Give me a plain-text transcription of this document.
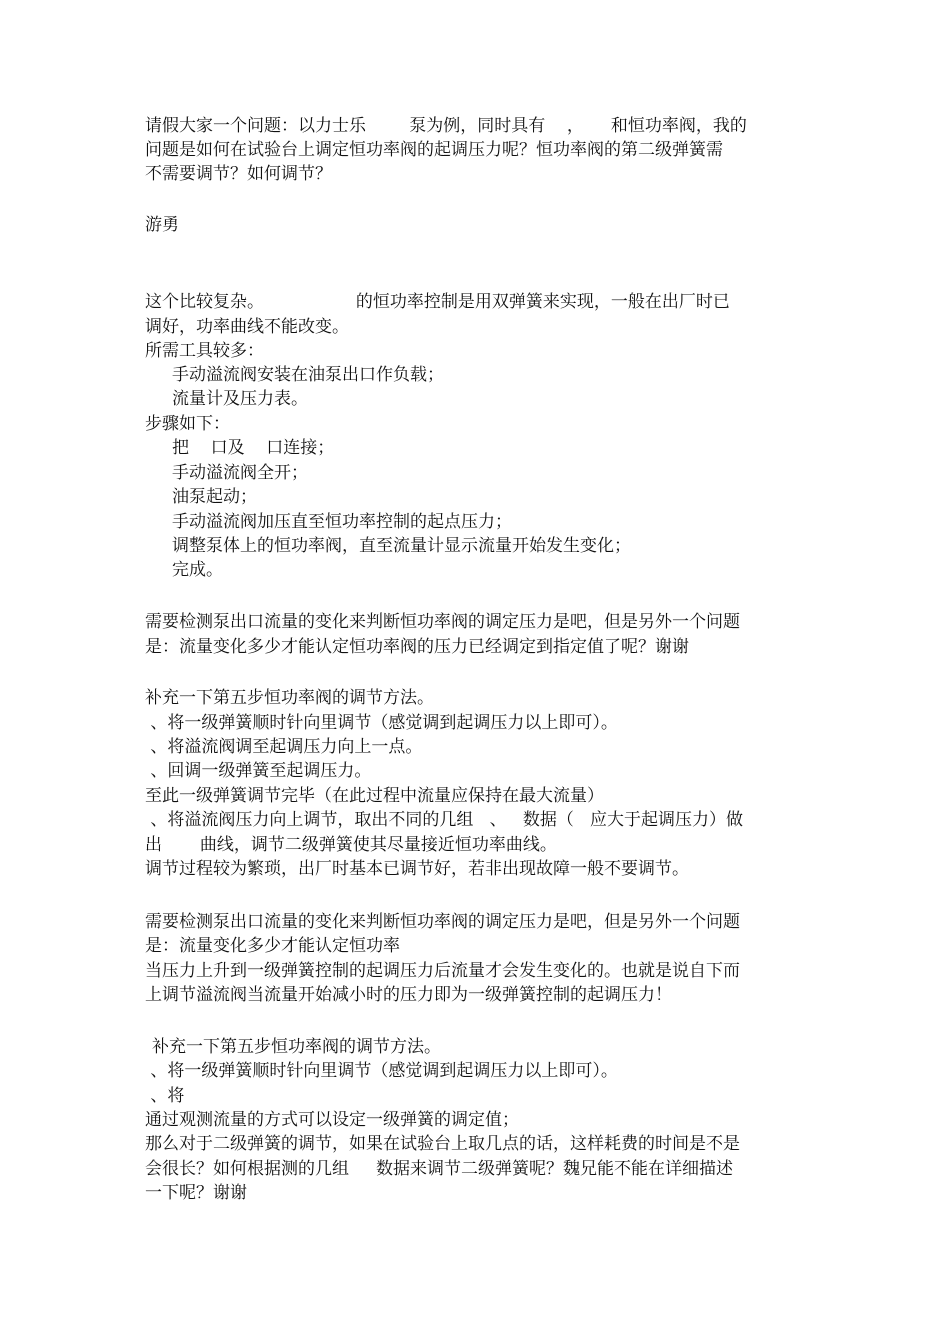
请假大家一个问题：以力士乐        泵为例，同时具有    ，     和恒功率阀，我的

问题是如何在试验台上调定恒功率阀的起调压力呢？恒功率阀的第二级弹簧需

不需要调节？如何调节？

游勇

这个比较复杂。                 的恒功率控制是用双弹簧来实现，一般在出厂时已

调好，功率曲线不能改变。

所需工具较多：

手动溢流阀安装在油泵出口作负载；

流量计及压力表。

步骤如下：

把    口及    口连接；

手动溢流阀全开；

油泵起动；

手动溢流阀加压直至恒功率控制的起点压力；

调整泵体上的恒功率阀，直至流量计显示流量开始发生变化；

完成。

需要检测泵出口流量的变化来判断恒功率阀的调定压力是吧，但是另外一个问题

是：流量变化多少才能认定恒功率阀的压力已经调定到指定值了呢？谢谢

补充一下第五步恒功率阀的调节方法。

、将一级弹簧顺时针向里调节（感觉调到起调压力以上即可）。

、将溢流阀调至起调压力向上一点。

、回调一级弹簧至起调压力。

至此一级弹簧调节完毕（在此过程中流量应保持在最大流量）

、将溢流阀压力向上调节，取出不同的几组   、   数据（   应大于起调压力）做

出       曲线，调节二级弹簧使其尽量接近恒功率曲线。

调节过程较为繁琐，出厂时基本已调节好，若非出现故障一般不要调节。

需要检测泵出口流量的变化来判断恒功率阀的调定压力是吧，但是另外一个问题

是：流量变化多少才能认定恒功率

当压力上升到一级弹簧控制的起调压力后流量才会发生变化的。也就是说自下而

上调节溢流阀当流量开始减小时的压力即为一级弹簧控制的起调压力！

补充一下第五步恒功率阀的调节方法。

、将一级弹簧顺时针向里调节（感觉调到起调压力以上即可）。

、将

通过观测流量的方式可以设定一级弹簧的调定值；

那么对于二级弹簧的调节，如果在试验台上取几点的话，这样耗费的时间是不是

会很长？如何根据测的几组     数据来调节二级弹簧呢？魏兄能不能在详细描述

一下呢？谢谢
